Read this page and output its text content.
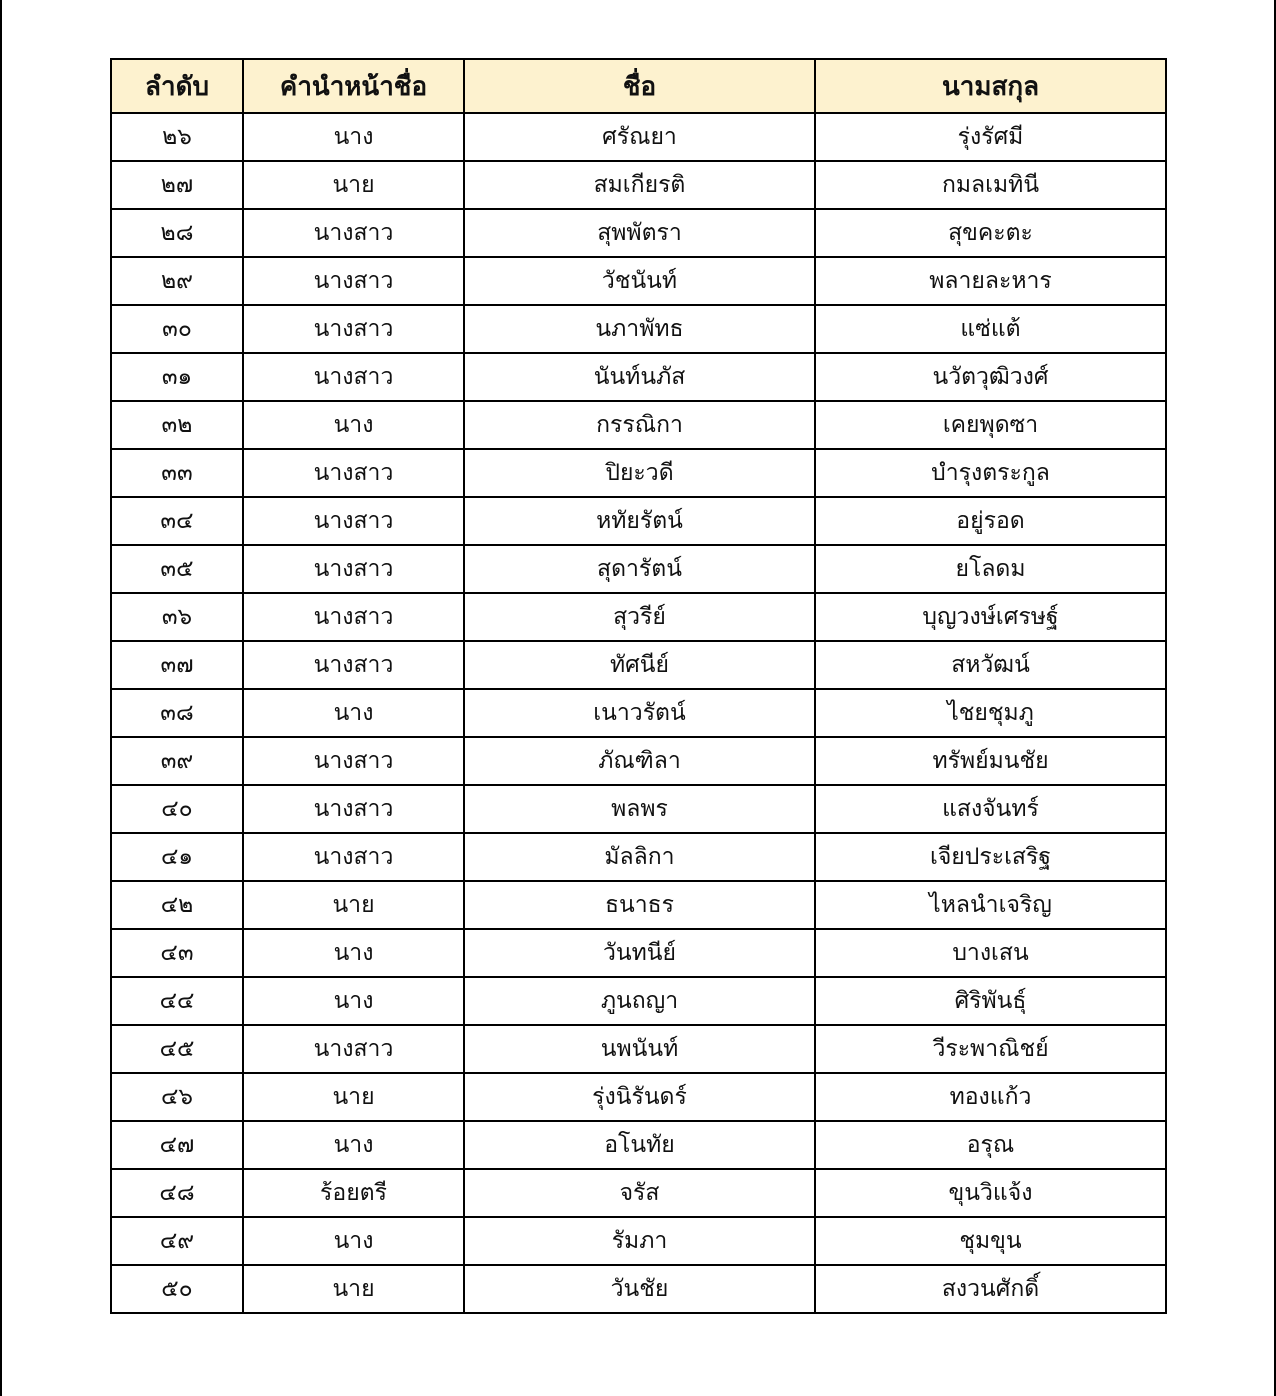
ลำดับ	คำนำหน้าชื่อ	ชื่อ	นามสกุล
๒๖	นาง	ศรัณยา	รุ่งรัศมี
๒๗	นาย	สมเกียรติ	กมลเมทินี
๒๘	นางสาว	สุพพัตรา	สุขคะตะ
๒๙	นางสาว	วัชนันท์	พลายละหาร
๓๐	นางสาว	นภาพัทธ	แซ่แต้
๓๑	นางสาว	นันท์นภัส	นวัตวุฒิวงศ์
๓๒	นาง	กรรณิกา	เคยพุดซา
๓๓	นางสาว	ปิยะวดี	บำรุงตระกูล
๓๔	นางสาว	หทัยรัตน์	อยู่รอด
๓๕	นางสาว	สุดารัตน์	ยโลดม
๓๖	นางสาว	สุวรีย์	บุญวงษ์เศรษฐ์
๓๗	นางสาว	ทัศนีย์	สหวัฒน์
๓๘	นาง	เนาวรัตน์	ไชยชุมภู
๓๙	นางสาว	ภัณฑิลา	ทรัพย์มนชัย
๔๐	นางสาว	พลพร	แสงจันทร์
๔๑	นางสาว	มัลลิกา	เจียประเสริฐ
๔๒	นาย	ธนาธร	ไหลนำเจริญ
๔๓	นาง	วันทนีย์	บางเสน
๔๔	นาง	ภูนถญา	ศิริพันธุ์
๔๕	นางสาว	นพนันท์	วีระพาณิชย์
๔๖	นาย	รุ่งนิรันดร์	ทองแก้ว
๔๗	นาง	อโนทัย	อรุณ
๔๘	ร้อยตรี	จรัส	ขุนวิแจ้ง
๔๙	นาง	รัมภา	ชุมขุน
๕๐	นาย	วันชัย	สงวนศักดิ์
